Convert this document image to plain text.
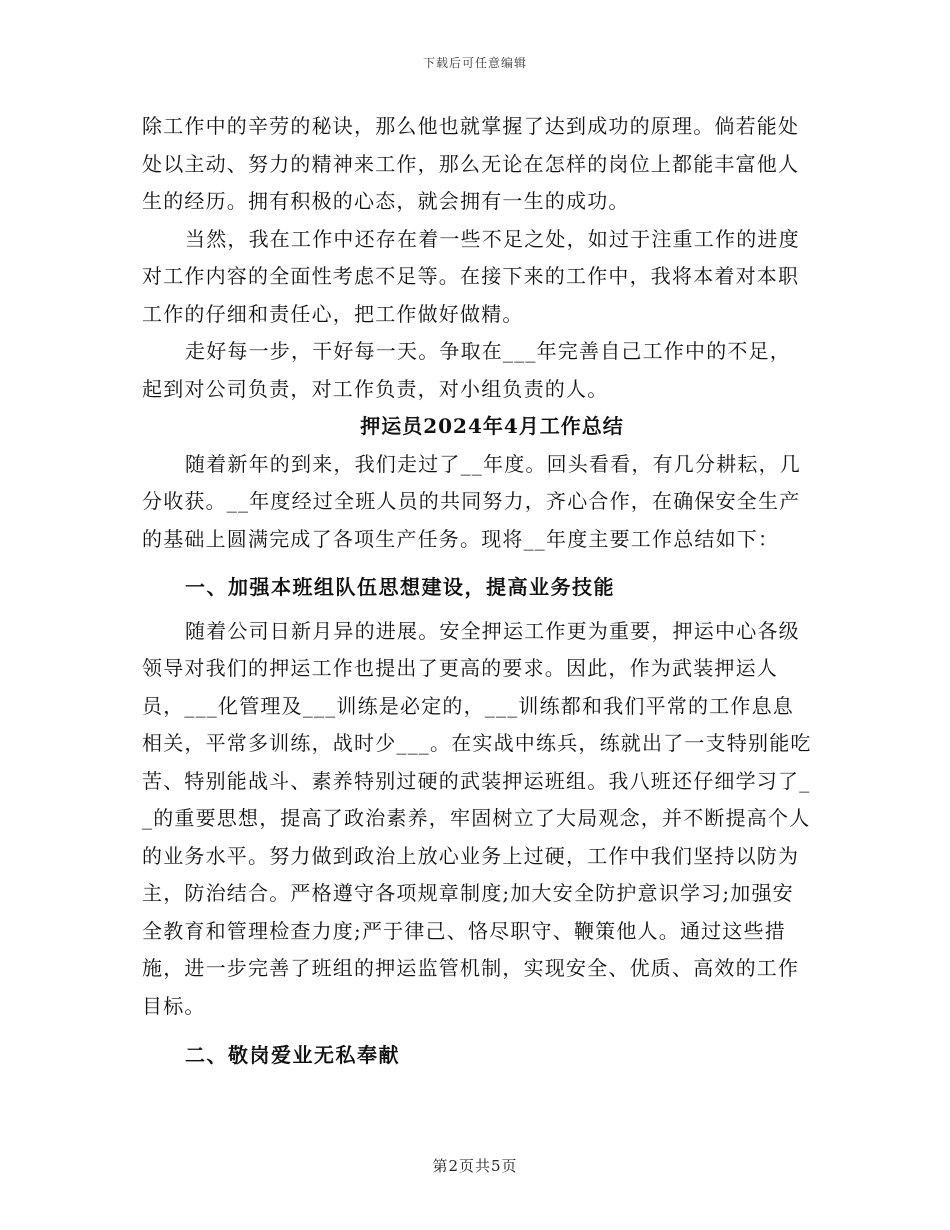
下载后可任意编辑

除工作中的辛劳的秘诀，那么他也就掌握了达到成功的原理。倘若能处处以主动、努力的精神来工作，那么无论在怎样的岗位上都能丰富他人生的经历。拥有积极的心态，就会拥有一生的成功。

当然，我在工作中还存在着一些不足之处，如过于注重工作的进度对工作内容的全面性考虑不足等。在接下来的工作中，我将本着对本职工作的仔细和责任心，把工作做好做精。

走好每一步，干好每一天。争取在___年完善自己工作中的不足，起到对公司负责，对工作负责，对小组负责的人。

押运员2024年4月工作总结

随着新年的到来，我们走过了__年度。回头看看，有几分耕耘，几分收获。__年度经过全班人员的共同努力，齐心合作，在确保安全生产的基础上圆满完成了各项生产任务。现将__年度主要工作总结如下：

一、加强本班组队伍思想建设，提高业务技能

随着公司日新月异的进展。安全押运工作更为重要，押运中心各级领导对我们的押运工作也提出了更高的要求。因此，作为武装押运人员，___化管理及___训练是必定的，___训练都和我们平常的工作息息相关，平常多训练，战时少___。在实战中练兵，练就出了一支特别能吃苦、特别能战斗、素养特别过硬的武装押运班组。我八班还仔细学习了__的重要思想，提高了政治素养，牢固树立了大局观念，并不断提高个人的业务水平。努力做到政治上放心业务上过硬，工作中我们坚持以防为主，防治结合。严格遵守各项规章制度;加大安全防护意识学习;加强安全教育和管理检查力度;严于律己、恪尽职守、鞭策他人。通过这些措施，进一步完善了班组的押运监管机制，实现安全、优质、高效的工作目标。

二、敬岗爱业无私奉献

第2页共5页
